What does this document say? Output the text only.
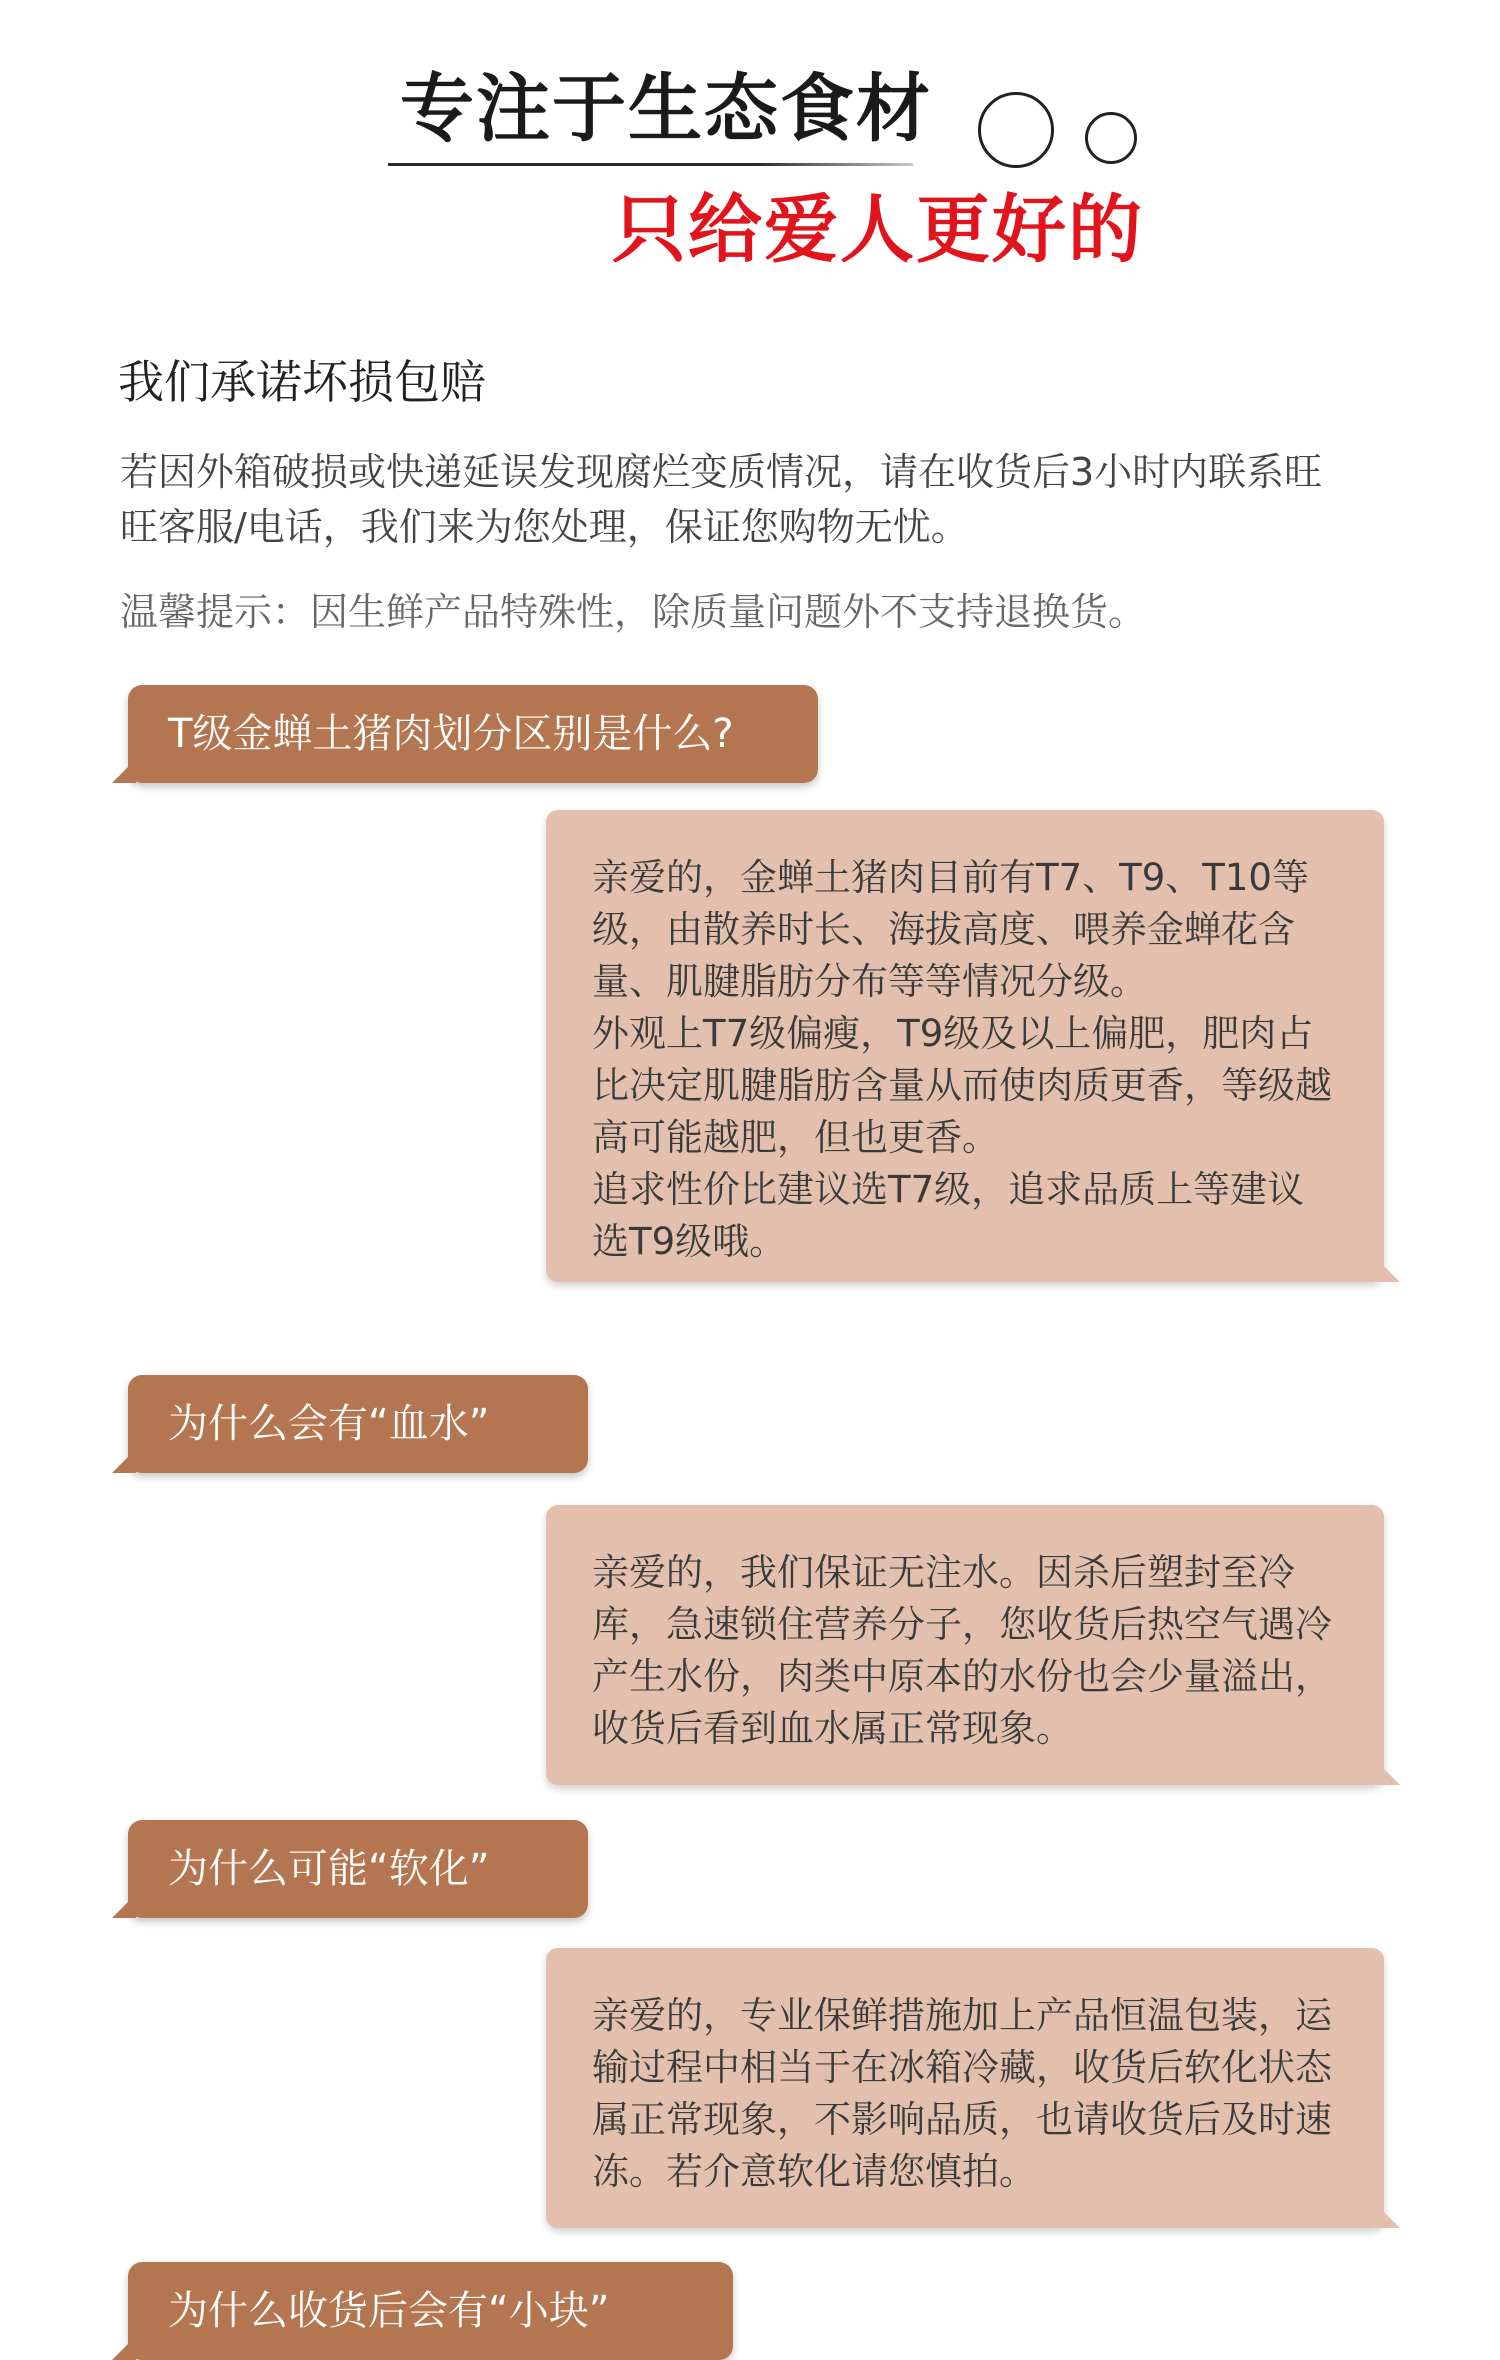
专注于生态食材
只给爱人更好的
我们承诺坏损包赔
若因外箱破损或快递延误发现腐烂变质情况，请在收货后3小时内联系旺旺客服/电话，我们来为您处理，保证您购物无忧。
温馨提示：因生鲜产品特殊性，除质量问题外不支持退换货。
T级金蝉土猪肉划分区别是什么?
亲爱的，金蝉土猪肉目前有T7、T9、T10等级，由散养时长、海拔高度、喂养金蝉花含量、肌腱脂肪分布等等情况分级。
外观上T7级偏瘦，T9级及以上偏肥，肥肉占比决定肌腱脂肪含量从而使肉质更香，等级越高可能越肥，但也更香。
追求性价比建议选T7级，追求品质上等建议选T9级哦。
为什么会有“血水”
亲爱的，我们保证无注水。因杀后塑封至冷库，急速锁住营养分子，您收货后热空气遇冷产生水份，肉类中原本的水份也会少量溢出，收货后看到血水属正常现象。
为什么可能“软化”
亲爱的，专业保鲜措施加上产品恒温包装，运输过程中相当于在冰箱冷藏，收货后软化状态属正常现象，不影响品质，也请收货后及时速冻。若介意软化请您慎拍。
为什么收货后会有“小块”
